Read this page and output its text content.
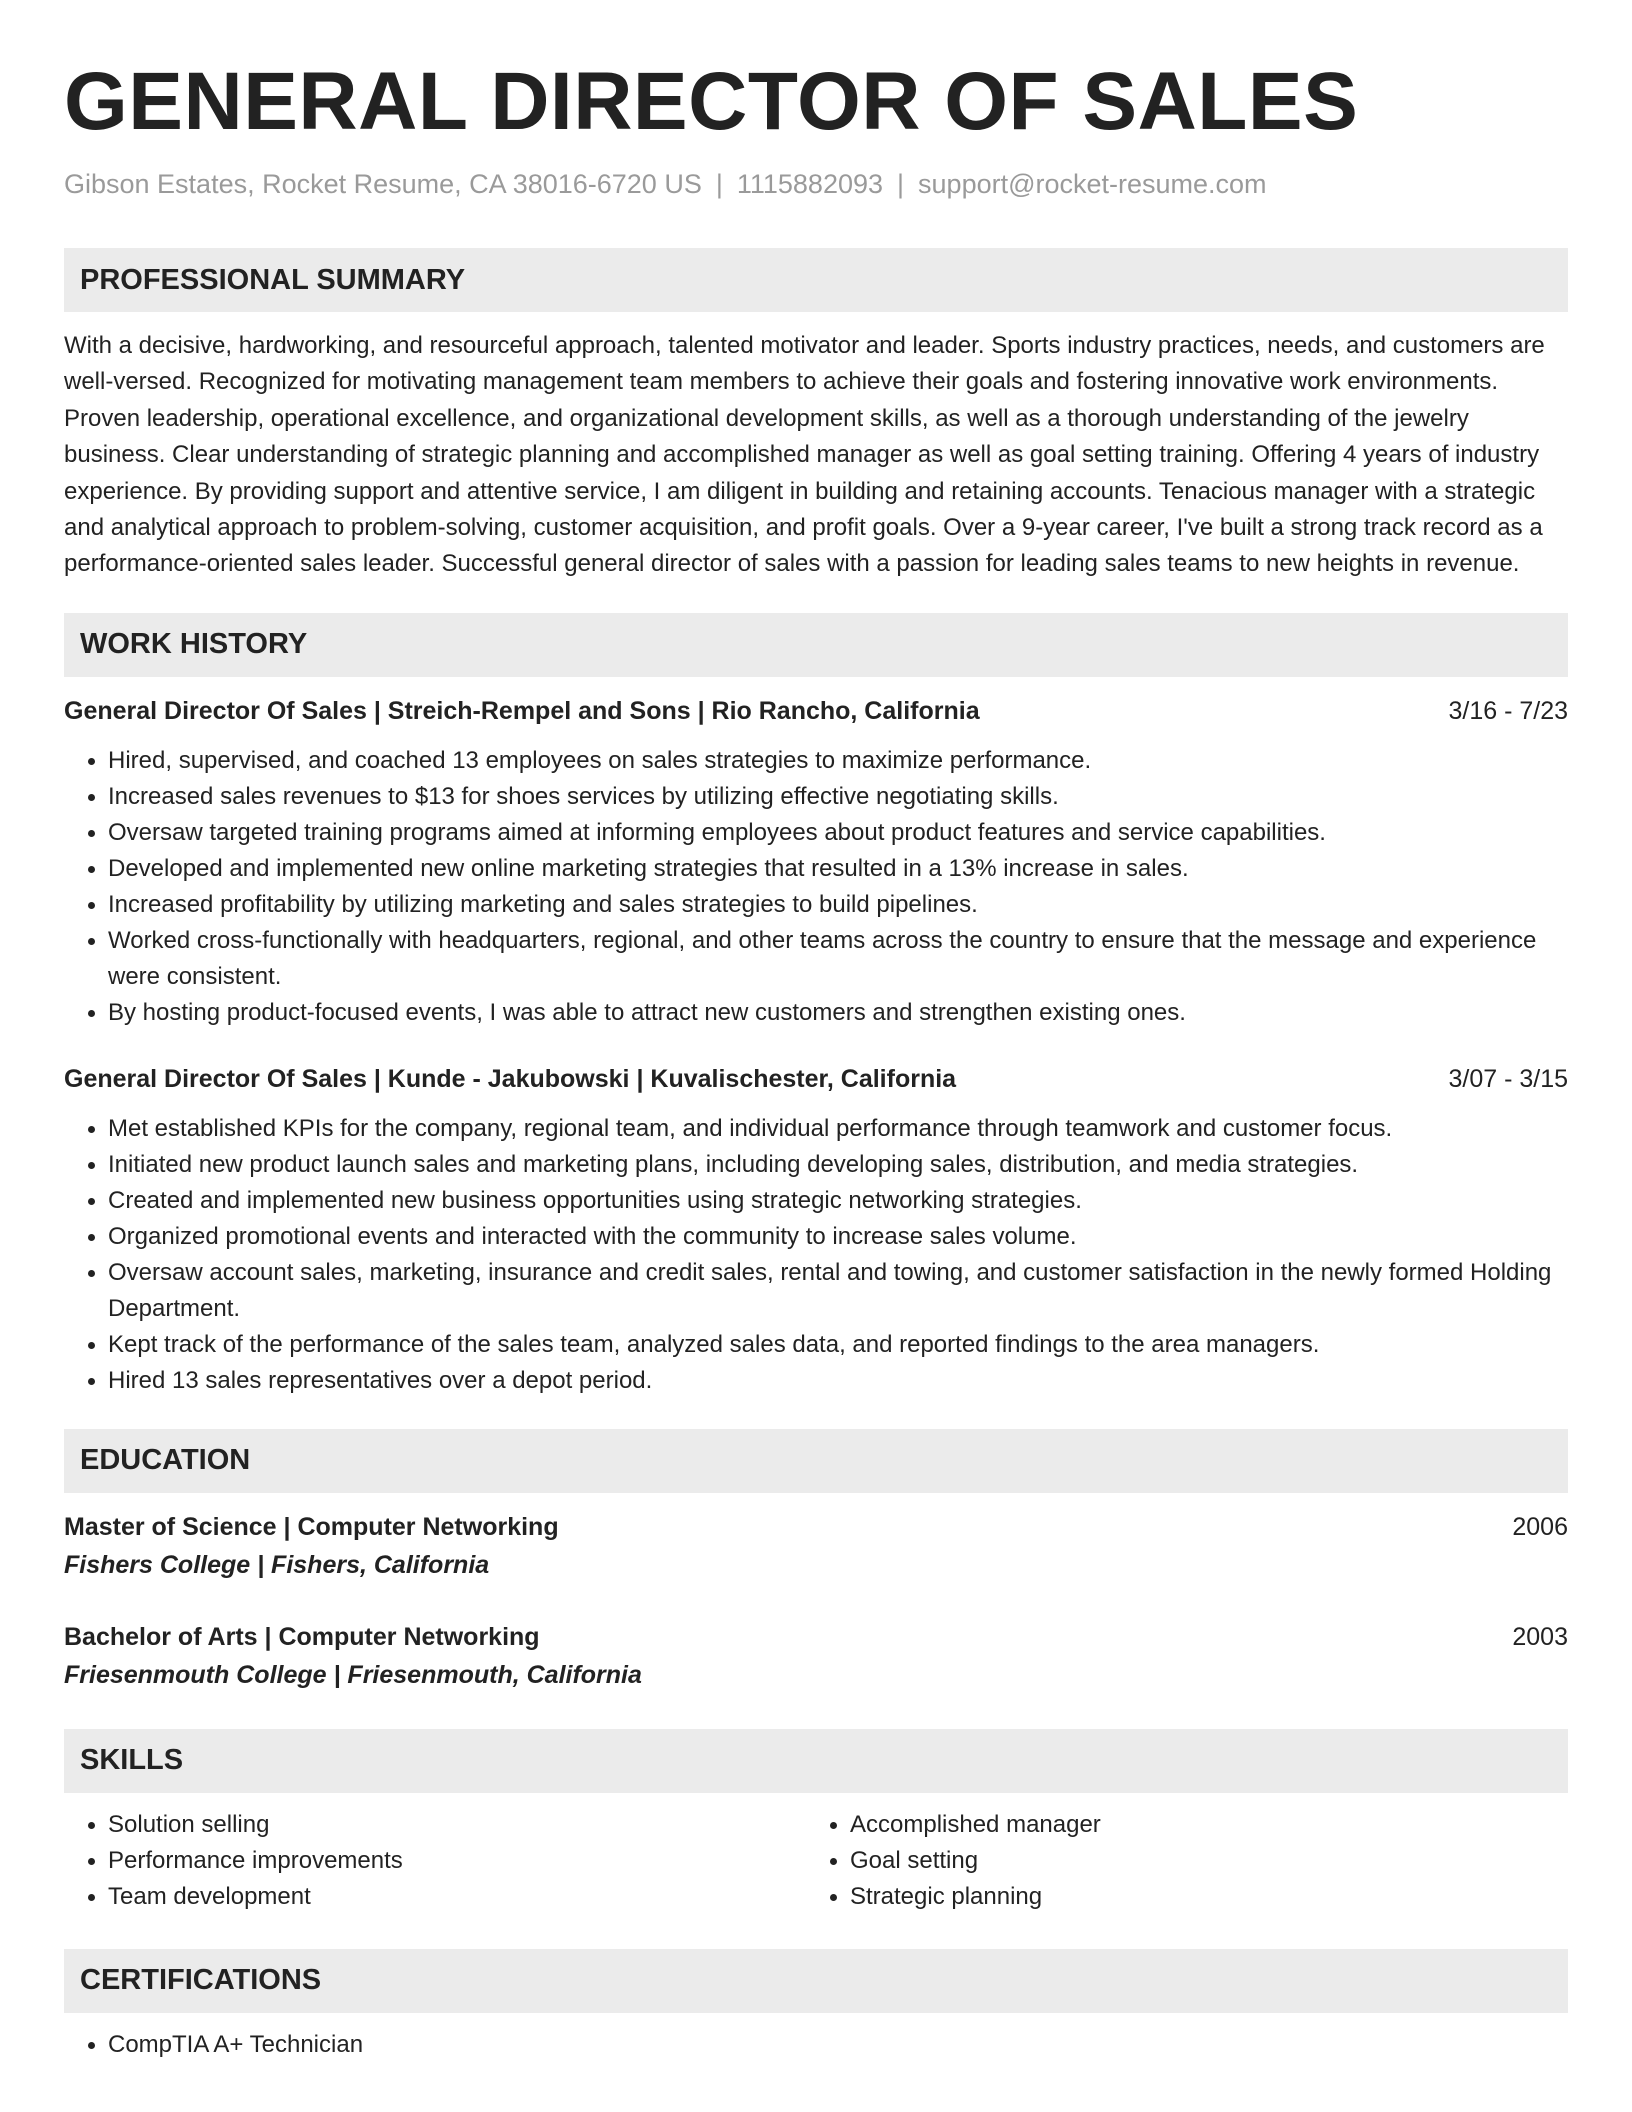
GENERAL DIRECTOR OF SALES
Gibson Estates, Rocket Resume, CA 38016-6720 US | 1115882093 | support@rocket-resume.com
PROFESSIONAL SUMMARY
With a decisive, hardworking, and resourceful approach, talented motivator and leader. Sports industry practices, needs, and customers are well-versed. Recognized for motivating management team members to achieve their goals and fostering innovative work environments. Proven leadership, operational excellence, and organizational development skills, as well as a thorough understanding of the jewelry business. Clear understanding of strategic planning and accomplished manager as well as goal setting training. Offering 4 years of industry experience. By providing support and attentive service, I am diligent in building and retaining accounts. Tenacious manager with a strategic and analytical approach to problem-solving, customer acquisition, and profit goals. Over a 9-year career, I've built a strong track record as a performance-oriented sales leader. Successful general director of sales with a passion for leading sales teams to new heights in revenue.
WORK HISTORY
General Director Of Sales | Streich-Rempel and Sons | Rio Rancho, California	3/16 - 7/23
• Hired, supervised, and coached 13 employees on sales strategies to maximize performance.
• Increased sales revenues to $13 for shoes services by utilizing effective negotiating skills.
• Oversaw targeted training programs aimed at informing employees about product features and service capabilities.
• Developed and implemented new online marketing strategies that resulted in a 13% increase in sales.
• Increased profitability by utilizing marketing and sales strategies to build pipelines.
• Worked cross-functionally with headquarters, regional, and other teams across the country to ensure that the message and experience were consistent.
• By hosting product-focused events, I was able to attract new customers and strengthen existing ones.
General Director Of Sales | Kunde - Jakubowski | Kuvalischester, California	3/07 - 3/15
• Met established KPIs for the company, regional team, and individual performance through teamwork and customer focus.
• Initiated new product launch sales and marketing plans, including developing sales, distribution, and media strategies.
• Created and implemented new business opportunities using strategic networking strategies.
• Organized promotional events and interacted with the community to increase sales volume.
• Oversaw account sales, marketing, insurance and credit sales, rental and towing, and customer satisfaction in the newly formed Holding Department.
• Kept track of the performance of the sales team, analyzed sales data, and reported findings to the area managers.
• Hired 13 sales representatives over a depot period.
EDUCATION
Master of Science | Computer Networking	2006
Fishers College | Fishers, California
Bachelor of Arts | Computer Networking	2003
Friesenmouth College | Friesenmouth, California
SKILLS
• Solution selling
• Performance improvements
• Team development
• Accomplished manager
• Goal setting
• Strategic planning
CERTIFICATIONS
• CompTIA A+ Technician
